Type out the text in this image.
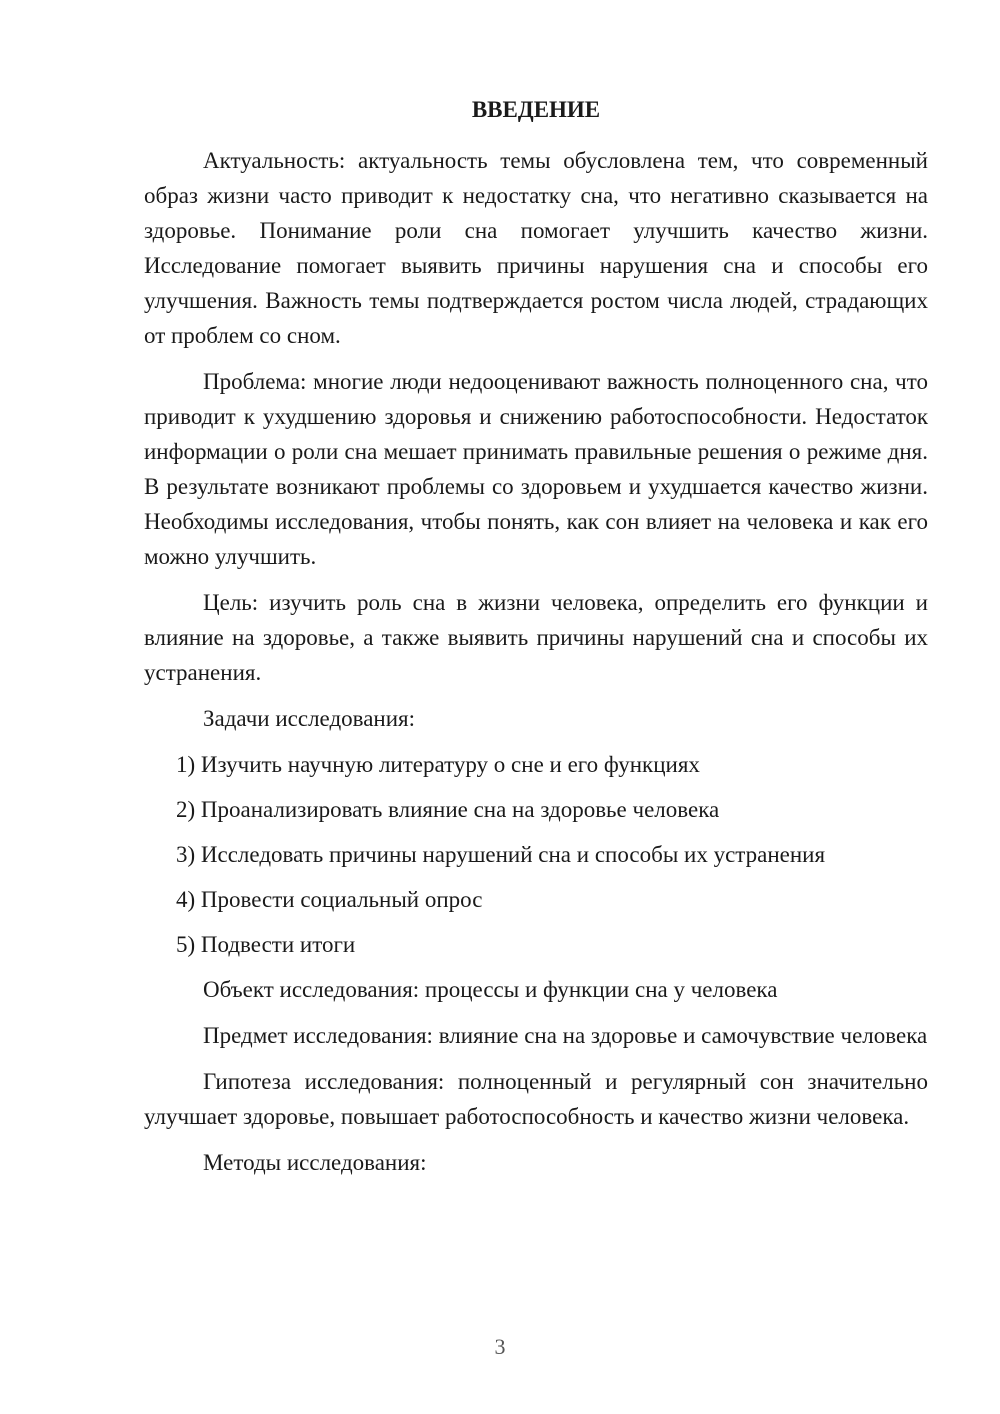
ВВЕДЕНИЕ

Актуальность: актуальность темы обусловлена тем, что современный образ жизни часто приводит к недостатку сна, что негативно сказывается на здоровье. Понимание роли сна помогает улучшить качество жизни. Исследование помогает выявить причины нарушения сна и способы его улучшения. Важность темы подтверждается ростом числа людей, страдающих от проблем со сном.

Проблема: многие люди недооценивают важность полноценного сна, что приводит к ухудшению здоровья и снижению работоспособности. Недостаток информации о роли сна мешает принимать правильные решения о режиме дня. В результате возникают проблемы со здоровьем и ухудшается качество жизни. Необходимы исследования, чтобы понять, как сон влияет на человека и как его можно улучшить.

Цель: изучить роль сна в жизни человека, определить его функции и влияние на здоровье, а также выявить причины нарушений сна и способы их устранения.

Задачи исследования:

1) Изучить научную литературу о сне и его функциях
2) Проанализировать влияние сна на здоровье человека
3) Исследовать причины нарушений сна и способы их устранения
4) Провести социальный опрос
5) Подвести итоги

Объект исследования: процессы и функции сна у человека

Предмет исследования: влияние сна на здоровье и самочувствие человека

Гипотеза исследования: полноценный и регулярный сон значительно улучшает здоровье, повышает работоспособность и качество жизни человека.

Методы исследования:

3
